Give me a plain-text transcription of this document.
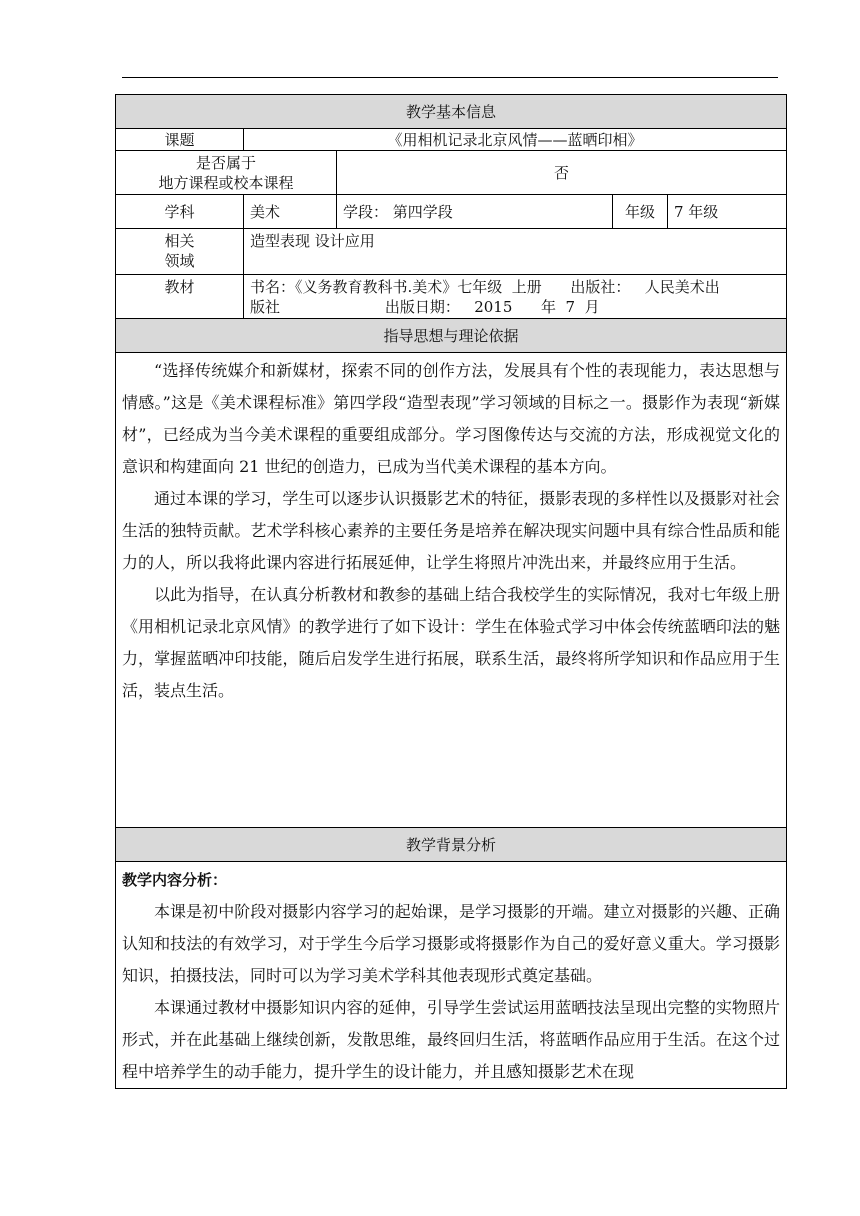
教学基本信息				
课题	《用相机记录北京风情——蓝晒印相》			

是否属于
地方课程或校本课程		否		
学科	美术	学段： 第四学段	年级	7 年级

相关
领域	造型表现 设计应用			
教材	书名：《义务教育教科书.美术》七年级  上册      出版社：   人民美术出
版社                      出版日期：   2015      年  7  月			

指导思想与理论依据				

“选择传统媒介和新媒材，探索不同的创作方法，发展具有个性的表现能力，表达思想与情感。”这是《美术课程标准》第四学段“造型表现”学习领域的目标之一。摄影作为表现“新媒材”，已经成为当今美术课程的重要组成部分。学习图像传达与交流的方法，形成视觉文化的意识和构建面向 21 世纪的创造力，已成为当代美术课程的基本方向。

通过本课的学习，学生可以逐步认识摄影艺术的特征，摄影表现的多样性以及摄影对社会生活的独特贡献。艺术学科核心素养的主要任务是培养在解决现实问题中具有综合性品质和能力的人，所以我将此课内容进行拓展延伸，让学生将照片冲洗出来，并最终应用于生活。

以此为指导，在认真分析教材和教参的基础上结合我校学生的实际情况，我对七年级上册《用相机记录北京风情》的教学进行了如下设计：学生在体验式学习中体会传统蓝晒印法的魅力，掌握蓝晒冲印技能，随后启发学生进行拓展，联系生活，最终将所学知识和作品应用于生活，装点生活。				

教学背景分析				

教学内容分析：

本课是初中阶段对摄影内容学习的起始课，是学习摄影的开端。建立对摄影的兴趣、正确认知和技法的有效学习，对于学生今后学习摄影或将摄影作为自己的爱好意义重大。学习摄影知识，拍摄技法，同时可以为学习美术学科其他表现形式奠定基础。

本课通过教材中摄影知识内容的延伸，引导学生尝试运用蓝晒技法呈现出完整的实物照片形式，并在此基础上继续创新，发散思维，最终回归生活，将蓝晒作品应用于生活。在这个过程中培养学生的动手能力，提升学生的设计能力，并且感知摄影艺术在现				
